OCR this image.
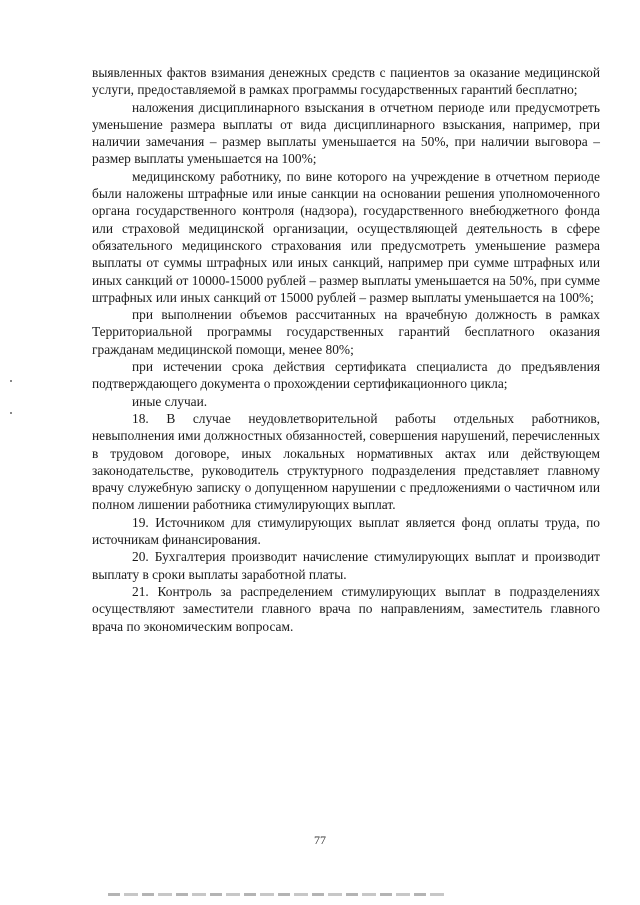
выявленных фактов взимания денежных средств с пациентов за оказание медицинской услуги, предоставляемой в рамках программы государственных гарантий бесплатно;

наложения дисциплинарного взыскания в отчетном периоде или предусмотреть уменьшение размера выплаты от вида дисциплинарного взыскания, например, при наличии замечания – размер выплаты уменьшается на 50%, при наличии выговора – размер выплаты уменьшается на 100%;

медицинскому работнику, по вине которого на учреждение в отчетном периоде были наложены штрафные или иные санкции на основании решения уполномоченного органа государственного контроля (надзора), государственного внебюджетного фонда или страховой медицинской организации, осуществляющей деятельность в сфере обязательного медицинского страхования или предусмотреть уменьшение размера выплаты от суммы штрафных или иных санкций, например при сумме штрафных или иных санкций от 10000-15000 рублей – размер выплаты уменьшается на 50%, при сумме штрафных или иных санкций от 15000 рублей – размер выплаты уменьшается на 100%;

при выполнении объемов рассчитанных на врачебную должность в рамках Территориальной программы государственных гарантий бесплатного оказания гражданам медицинской помощи, менее 80%;

при истечении срока действия сертификата специалиста до предъявления подтверждающего документа о прохождении сертификационного цикла;

иные случаи.

18. В случае неудовлетворительной работы отдельных работников, невыполнения ими должностных обязанностей, совершения нарушений, перечисленных в трудовом договоре, иных локальных нормативных актах или действующем законодательстве, руководитель структурного подразделения представляет главному врачу служебную записку о допущенном нарушении с предложениями о частичном или полном лишении работника стимулирующих выплат.

19. Источником для стимулирующих выплат является фонд оплаты труда, по источникам финансирования.

20. Бухгалтерия производит начисление стимулирующих выплат и производит выплату в сроки выплаты заработной платы.

21. Контроль за распределением стимулирующих выплат в подразделениях осуществляют заместители главного врача по направлениям, заместитель главного врача по экономическим вопросам.

77
